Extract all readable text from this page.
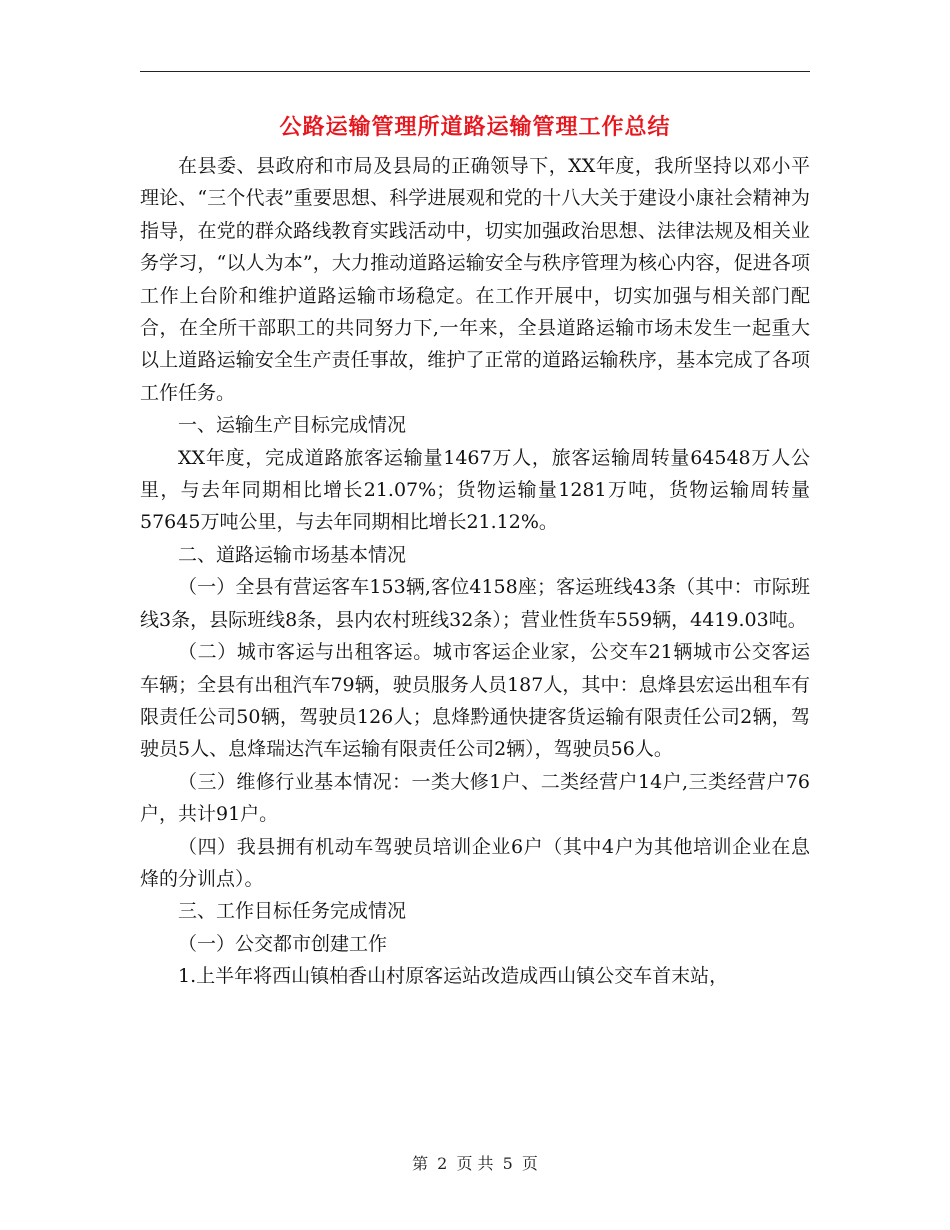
公路运输管理所道路运输管理工作总结

在县委、县政府和市局及县局的正确领导下，XX年度，我所坚持以邓小平理论、“三个代表”重要思想、科学进展观和党的十八大关于建设小康社会精神为指导，在党的群众路线教育实践活动中，切实加强政治思想、法律法规及相关业务学习，“以人为本”，大力推动道路运输安全与秩序管理为核心内容，促进各项工作上台阶和维护道路运输市场稳定。在工作开展中，切实加强与相关部门配合，在全所干部职工的共同努力下,一年来，全县道路运输市场未发生一起重大以上道路运输安全生产责任事故，维护了正常的道路运输秩序，基本完成了各项工作任务。

一、运输生产目标完成情况

XX年度，完成道路旅客运输量1467万人，旅客运输周转量64548万人公里，与去年同期相比增长21.07%；货物运输量1281万吨，货物运输周转量57645万吨公里，与去年同期相比增长21.12%。

二、道路运输市场基本情况

（一）全县有营运客车153辆,客位4158座；客运班线43条（其中：市际班线3条，县际班线8条，县内农村班线32条）；营业性货车559辆，4419.03吨。

（二）城市客运与出租客运。城市客运企业家，公交车21辆城市公交客运车辆；全县有出租汽车79辆，驶员服务人员187人，其中：息烽县宏运出租车有限责任公司50辆，驾驶员126人；息烽黔通快捷客货运输有限责任公司2辆，驾驶员5人、息烽瑞达汽车运输有限责任公司2辆），驾驶员56人。

（三）维修行业基本情况：一类大修1户、二类经营户14户,三类经营户76户，共计91户。

（四）我县拥有机动车驾驶员培训企业6户（其中4户为其他培训企业在息烽的分训点）。

三、工作目标任务完成情况

（一）公交都市创建工作

1.上半年将西山镇柏香山村原客运站改造成西山镇公交车首末站，

第 2 页 共 5 页
